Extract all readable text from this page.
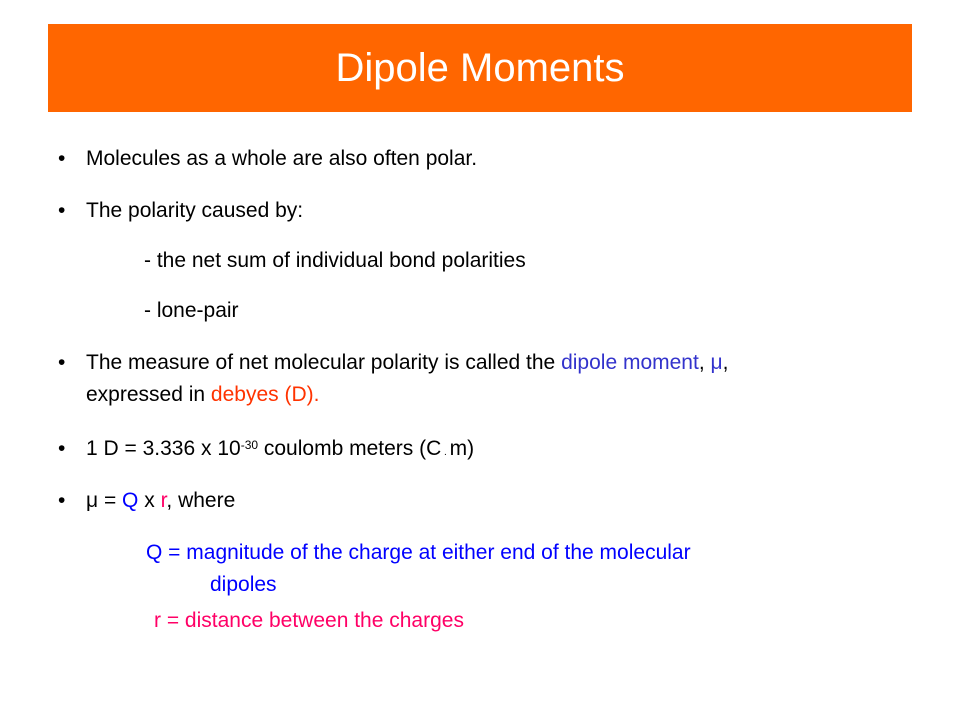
Dipole Moments
• Molecules as a whole are also often polar.
• The polarity caused by:
- the net sum of individual bond polarities
- lone-pair
• The measure of net molecular polarity is called the dipole moment, μ,
expressed in debyes (D).
• 1 D = 3.336 x $10^{-30}$ coulomb meters (C . m)
• μ = Q x r, where
Q = magnitude of the charge at either end of the molecular
dipoles
r = distance between the charges
